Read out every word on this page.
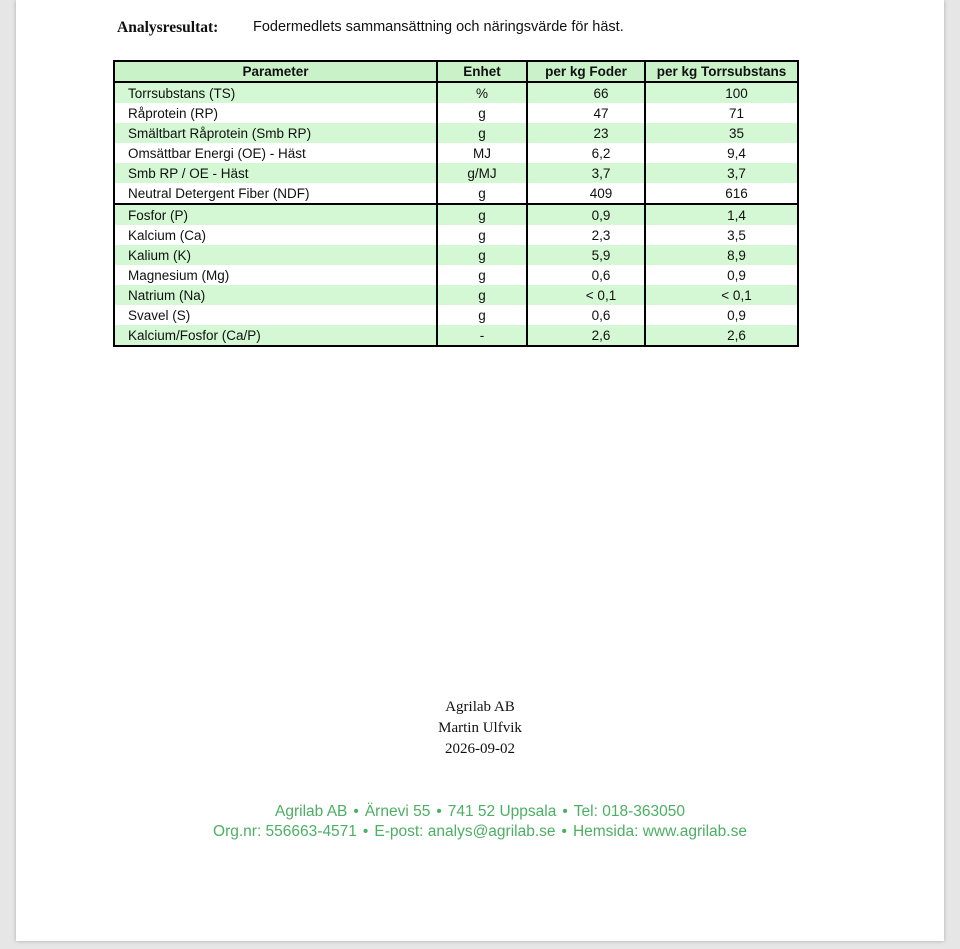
Analysresultat: Fodermedlets sammansättning och näringsvärde för häst.
Parameter	Enhet	per kg Foder	per kg Torrsubstans
Torrsubstans (TS)	%	66	100
Råprotein (RP)	g	47	71
Smältbart Råprotein (Smb RP)	g	23	35
Omsättbar Energi (OE) - Häst	MJ	6,2	9,4
Smb RP / OE - Häst	g/MJ	3,7	3,7
Neutral Detergent Fiber (NDF)	g	409	616
Fosfor (P)	g	0,9	1,4
Kalcium (Ca)	g	2,3	3,5
Kalium (K)	g	5,9	8,9
Magnesium (Mg)	g	0,6	0,9
Natrium (Na)	g	< 0,1	< 0,1
Svavel (S)	g	0,6	0,9
Kalcium/Fosfor (Ca/P)	-	2,6	2,6
Agrilab AB
Martin Ulfvik
2026-09-02
Agrilab AB • Ärnevi 55 • 741 52 Uppsala • Tel: 018-363050
Org.nr: 556663-4571 • E-post: analys@agrilab.se • Hemsida: www.agrilab.se
